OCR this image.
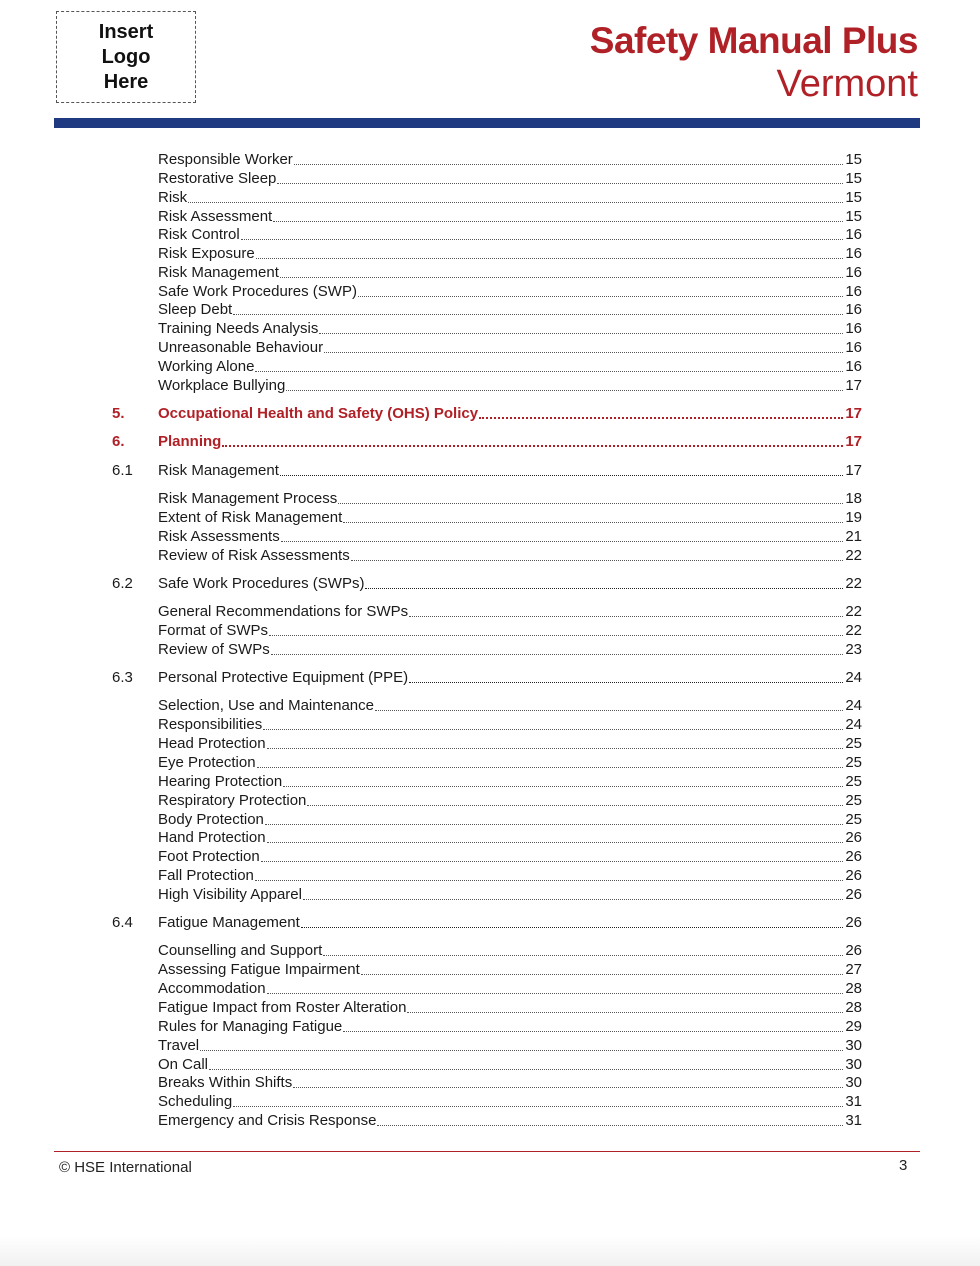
Insert
Logo
Here
Safety Manual Plus
Vermont
Responsible Worker	15
Restorative Sleep	15
Risk	15
Risk Assessment	15
Risk Control	16
Risk Exposure	16
Risk Management	16
Safe Work Procedures (SWP)	16
Sleep Debt	16
Training Needs Analysis	16
Unreasonable Behaviour	16
Working Alone	16
Workplace Bullying	17
5. Occupational Health and Safety (OHS) Policy	17
6. Planning	17
6.1 Risk Management	17
Risk Management Process	18
Extent of Risk Management	19
Risk Assessments	21
Review of Risk Assessments	22
6.2 Safe Work Procedures (SWPs)	22
General Recommendations for SWPs	22
Format of SWPs	22
Review of SWPs	23
6.3 Personal Protective Equipment (PPE)	24
Selection, Use and Maintenance	24
Responsibilities	24
Head Protection	25
Eye Protection	25
Hearing Protection	25
Respiratory Protection	25
Body Protection	25
Hand Protection	26
Foot Protection	26
Fall Protection	26
High Visibility Apparel	26
6.4 Fatigue Management	26
Counselling and Support	26
Assessing Fatigue Impairment	27
Accommodation	28
Fatigue Impact from Roster Alteration	28
Rules for Managing Fatigue	29
Travel	30
On Call	30
Breaks Within Shifts	30
Scheduling	31
Emergency and Crisis Response	31
© HSE International	3
